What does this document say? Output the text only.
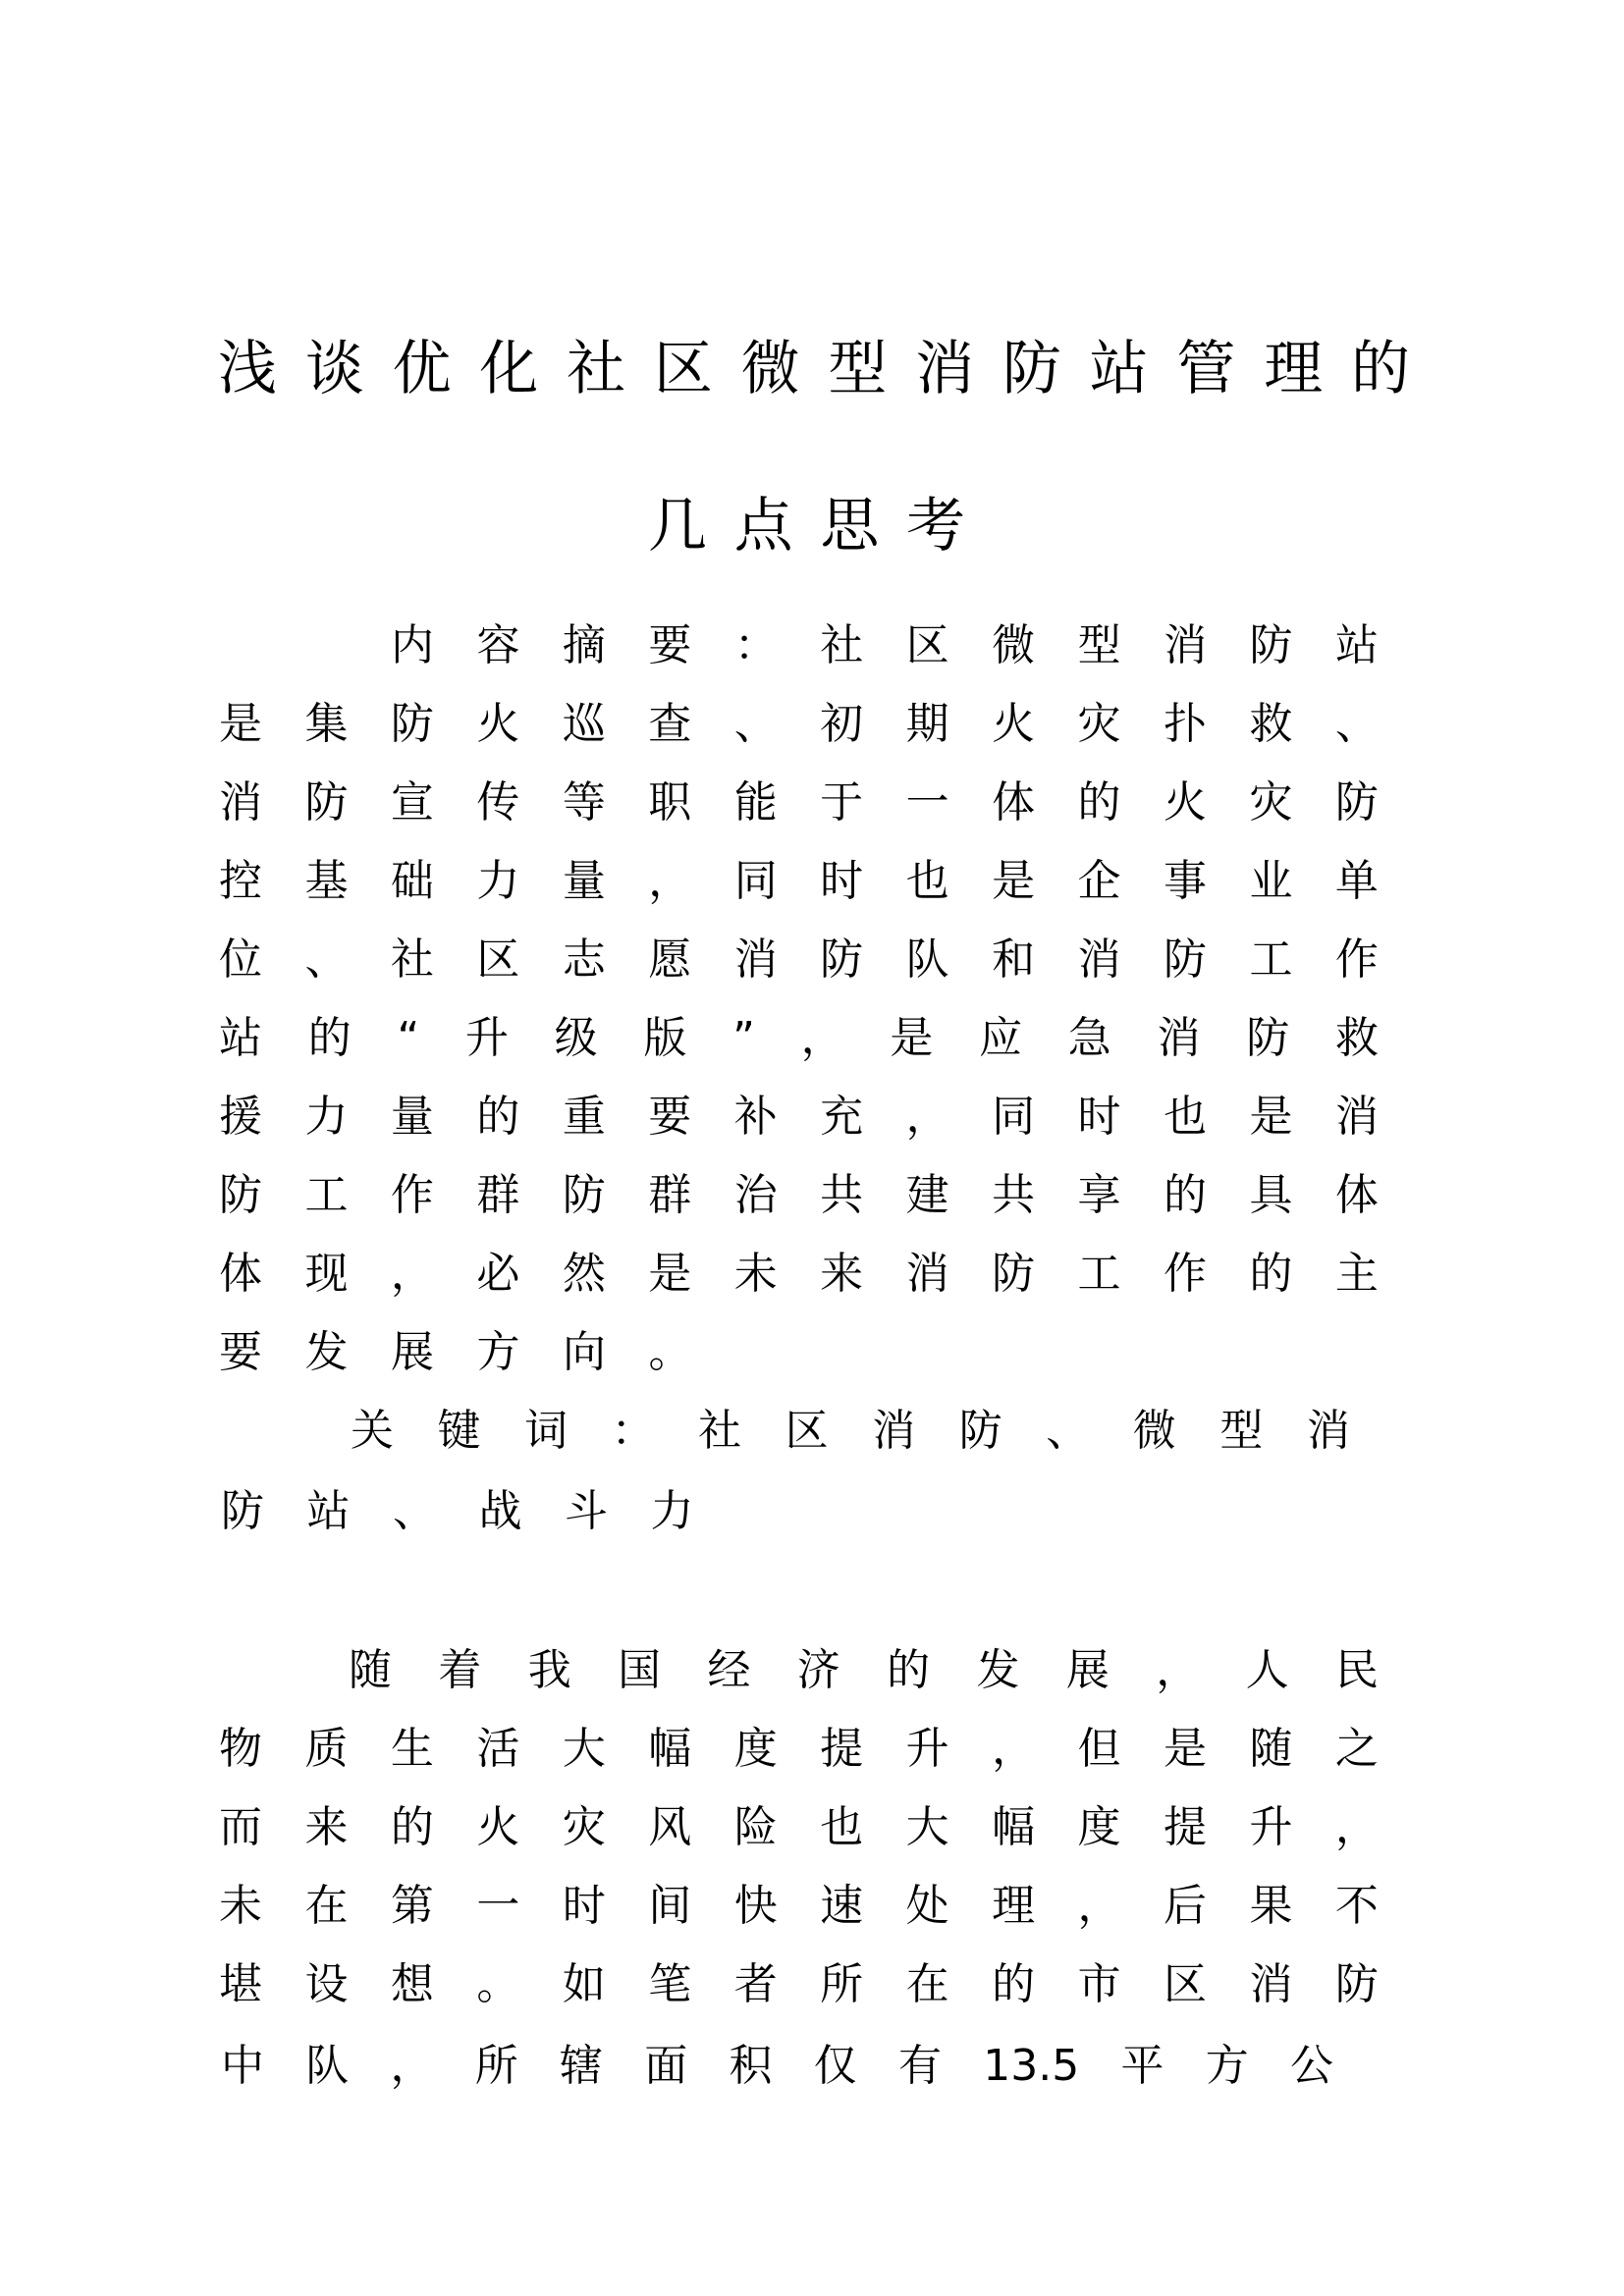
浅 谈 优 化 社 区 微 型 消 防 站 管 理 的
几 点 思 考
内 容 摘 要 ： 社 区 微 型 消 防 站
是 集 防 火 巡 查 、 初 期 火 灾 扑 救 、
消 防 宣 传 等 职 能 于 一 体 的 火 灾 防
控 基 础 力 量 ， 同 时 也 是 企 事 业 单
位 、 社 区 志 愿 消 防 队 和 消 防 工 作
站 的 “ 升 级 版 ” ， 是 应 急 消 防 救
援 力 量 的 重 要 补 充 ， 同 时 也 是 消
防 工 作 群 防 群 治 共 建 共 享 的 具 体
体 现 ， 必 然 是 未 来 消 防 工 作 的 主
要 发 展 方 向 。
关 键 词 ： 社 区 消 防 、 微 型 消
防 站 、 战 斗 力
随 着 我 国 经 济 的 发 展 ， 人 民
物 质 生 活 大 幅 度 提 升 ， 但 是 随 之
而 来 的 火 灾 风 险 也 大 幅 度 提 升 ，
未 在 第 一 时 间 快 速 处 理 ， 后 果 不
堪 设 想 。 如 笔 者 所 在 的 市 区 消 防
中 队 ， 所 辖 面 积 仅 有 13.5 平 方 公
